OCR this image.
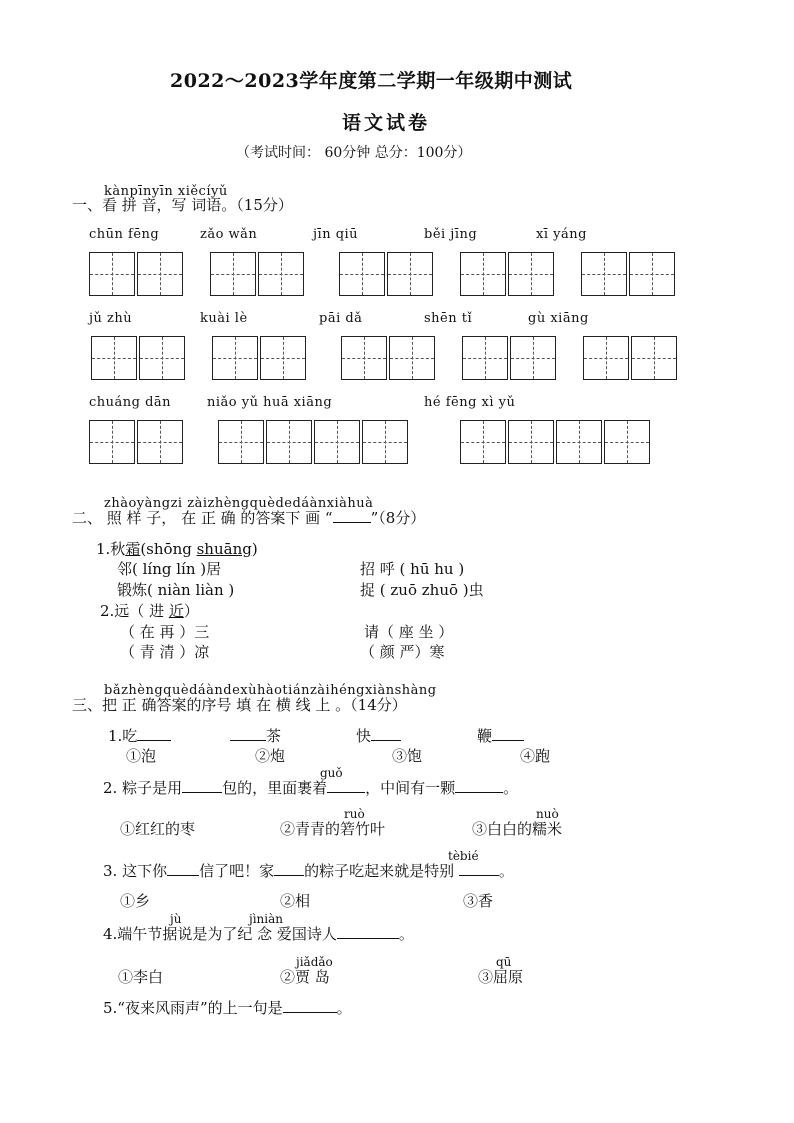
2022～2023学年度第二学期一年级期中测试
语文试卷
（考试时间： 60分钟 总分：100分）
kànpīnyīn xiěcíyǔ
一、看 拼 音，写 词语。（15分）
chūn fēng	zǎo wǎn	jīn qiū	běi jīng	xī yáng
jǔ zhù	kuài lè	pāi dǎ	shēn tǐ	gù xiāng
chuáng dān	niǎo yǔ huā xiāng	hé fēng xì yǔ
zhàoyàngzi zàizhèngquèdedáànxiàhuà
二、 照 样 子， 在 正 确 的答案下 画 “	”（8分）
1.秋霜(shōng shuāng)
邻( líng lín )居	招 呼 ( hū hu )
锻炼( niàn liàn )	捉 ( zuō zhuō )虫
2.远（ 进 近）
（ 在 再 ）三	请（ 座 坐 ）
（ 青 清 ）凉	（ 颜 严）寒
bǎzhèngquèdáàndexùhàotiánzàihéngxiànshàng
三、把 正 确答案的序号 填 在 横 线 上 。（14分）
1.吃	茶	快	鞭
①泡	②炮	③饱	④跑
guǒ
2. 粽子是用	包的，里面裹着	，中间有一颗	。
ruò	nuò
①红红的枣	②青青的箬竹叶	③白白的糯米
tèbié
3. 这下你 信了吧！家 的粽子吃起来就是特别	。
①乡	②相	③香
jù	jìniàn
4.端午节据说是为了纪 念 爱国诗人	。
jiǎdǎo	qū
①李白	②贾 岛	③屈原
5.“夜来风雨声”的上一句是	。
